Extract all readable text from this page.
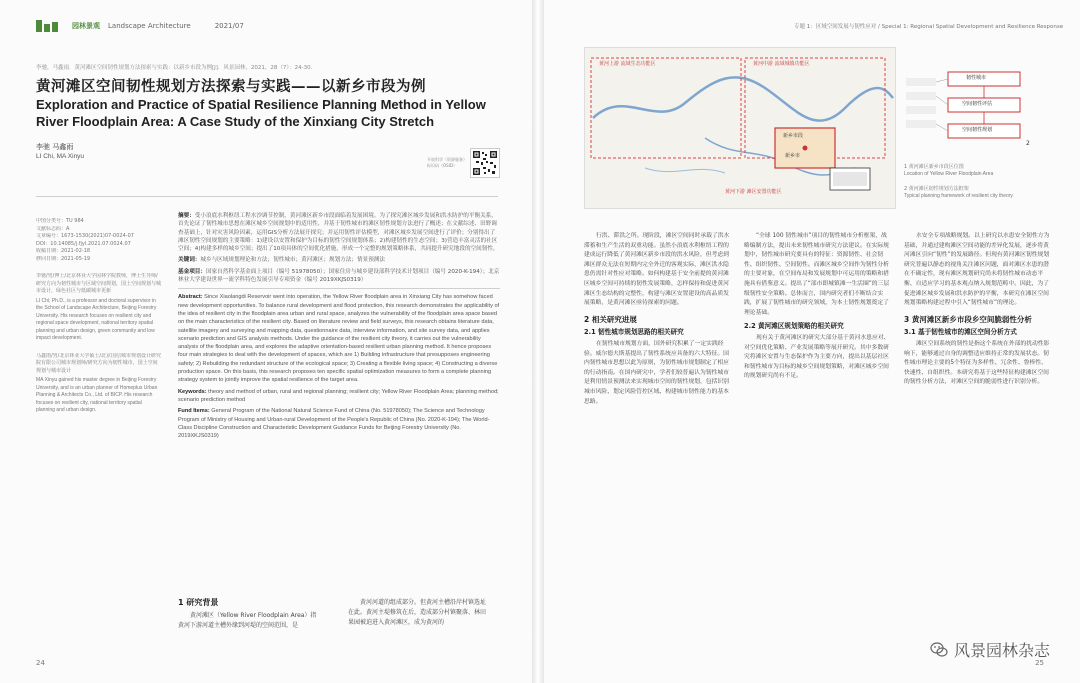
园林景观 Landscape Architecture	2021/07
李驰，马鑫雨．黄河滩区空间韧性规划方法探索与实践：以新乡市段为例[J]．风景园林，2021，28（7）：24-30．
黄河滩区空间韧性规划方法探索与实践——以新乡市段为例
Exploration and Practice of Spatial Resilience Planning Method in Yellow River Floodplain Area: A Case Study of the Xinxiang City Stretch
李驰 马鑫雨
LI Chi, MA Xinyu	开放科学（资源服务）标识码（OSID）
中图分类号：TU 984
文献标志码：A
文章编号：1673-1530(2021)07-0024-07
DOI：10.14085/j.fjyl.2021.07.0024.07
收稿日期：2021-02-18
修回日期：2021-05-19
李驰/男/博士/北京林业大学园林学院教师，博士生导师/研究方向为韧性城市与区域空间规划，国土空间规划与城市设计，绿色社区与低碳城市更新
LI Chi, Ph.D., is a professor and doctoral supervisor in the School of Landscape Architecture, Beijing Forestry University. His research focuses on resilient city and regional space development, national territory spatial planning and urban design, green community and low impact development.
马鑫雨/男/北京林业大学硕士/北京国信城市规划设计研究院有限公司城市规划师/研究方向为韧性城市，国土空间规划与城市设计
MA Xinyu gained his master degree in Beijing Forestry University, and is an urban planner of Homeplus Urban Planning & Architects Co., Ltd. of BICP. His research focuses on resilient city, national territory spatial planning and urban design.

摘要：受小浪底水利枢纽工程水沙调节控制，黄河滩区新乡市段面临着发展困境。为了探究滩区城乡发展和洪水防护的平衡关系，首先论证了韧性城市思想在滩区城乡空间规划中的适用性，并基于韧性城市的滩区韧性规划方法进行了概述；在文献综述、田野调查基础上，针对灾害风险因素，运用GIS分析方法展开探究；并运用韧性评估模型，对滩区城乡发展空间进行了评价；分别得出了滩区韧性空间规划的主要策略：1)建设以安置和保护为目标的韧性空间规划体系；2)构建韧性的生态空间；3)营造丰富灵活的社区空间；4)构建多样的城乡空间；提出了10项具体的空间优化措施，形成一个完整的规划策略体系，共同提升研究地段的空间韧性。

关键词：城乡与区域规划理论和方法；韧性城市；黄河滩区；规划方法；情景预测法

基金项目：国家自然科学基金面上项目（编号 51978050）；国家住房与城乡建设部科学技术计划项目（编号 2020-K-194）；北京林业大学建设世界一流学科特色发展引导专项资金（编号 2019XKJS0319）

Abstract: Since Xiaolangdi Reservoir went into operation, the Yellow River floodplain area in Xinxiang City has somehow faced new development opportunities. To balance rural development and flood protection, this research demonstrates the applicability of the idea of resilient city in the floodplain area urban and rural space, analyzes the vulnerability of the floodplain area space based on the main characteristics of the resilient city. Based on literature review and field surveys, this research obtains literature data, satellite imagery and surveying and mapping data, questionnaire data, interview information, and site survey data, and applies scenario prediction and GIS analysis methods. Under the guidance of the resilient city theory, it carries out the vulnerability analysis of the floodplain area, and explores the adaptive orientation-based resilient urban planning method. It hence proposes four main strategies to deal with the development of spaces, which are 1) Building infrastructure that presupposes engineering safety; 2) Rebuilding the redundant structure of the ecological space; 3) Creating a flexible living space; 4) Constructing a diverse production space. On this basis, this research proposes ten specific spatial optimization measures to form a complete planning strategy system to jointly improve the spatial resilience of the target area.

Keywords: theory and method of urban, rural and regional planning; resilient city; Yellow River Floodplain Area; planning method; scenario prediction method

Fund Items: General Program of the National Natural Science Fund of China (No. 51978050); The Science and Technology Program of Ministry of Housing and Urban-rural Development of the People's Republic of China (No. 2020-K-194); The World-Class Discipline Construction and Characteristic Development Guidance Funds for Beijing Forestry University (No. 2019XKJS0319)

1 研究背景
黄河滩区（Yellow River Floodplain Area）指黄河下游河道主槽外缘到河堤的空间范围，是
黄河河道的组成部分。但黄河主槽沿岸村镇选址在此。黄河主堤修筑在后，造成部分村镇聚落、林田果园被迫进入黄河滩区，成为黄河的
24
专题 1：区域空间发展与韧性应对 / Special 1: Regional Spatial Development and Resilience Response
黄河上游 流域生态功能区	黄河中游 流域城镇功能区
黄河下游 滩区安置功能区
新乡市段
新乡市
韧性城市
空间韧性评估
空间韧性规划
2
1 黄河滩区新乡市段区位图
Location of Yellow River Floodplain Area
2 黄河滩区韧性规划方法框架
Typical planning framework of resilient city theory

行洪、滞洪之所。现阶段，滩区空间同时承载了洪水滞蓄和生产生活的双重功能。虽然小浪底水利枢纽工程的建成运行降低了黄河滩区新乡市段的洪水风险，但考虑到滩区群众无法在短期内完全外迁的客观实际，滩区洪水隐患仍需针对性应对策略。如何构建基于安全前提的黄河滩区城乡空间可持续的韧性发展策略，怎样保持和促进黄河滩区生态结构的完整性，构建与滩区安置建设的高品质发展策略，是黄河滩区亟待探索的问题。

2 相关研究进展
2.1 韧性城市规划思路的相关研究

在韧性城市规划方面，国外研究积累了一定实践经验。威尔德夫斯基提出了韧性系统应具备的六大特征。国内韧性城市思想以此为原则，为韧性城市规划制定了相应的行动指南。在国内研究中，学者们较普遍认为韧性城市是利用情景预测法来实现城市空间的韧性规划，包括识别城市风险、划定风险管控区域、构建城市韧性能力的基本思路。

“全球 100 韧性城市”项目的韧性城市分析框架，战略编制方法，提出未来韧性城市研究方法建议。在实际规划中，韧性城市研究要具有的特征：资源韧性、社会韧性、组织韧性、空间韧性。而滩区城乡空间作为韧性分析的主要对象，在空间布局和发展规划中可运用的策略和措施具有借鉴意义。提出了“部市即城镇滩一生活圈”的三层级韧性安全策略。总体而言，国内研究者们不断结合实践，扩展了韧性城市的研究领域，为本土韧性规划奠定了理论基础。

2.2 黄河滩区规划策略的相关研究

现有关于黄河滩区的研究大部分基于黄河水患应对、对空间优化策略、产业发展策略等展开研究。其中多数研究将滩区安置与生态保护作为主要方向，提出以基层社区和韧性城市为目标的城乡空间规划策略，对滩区城乡空间的规划研究尚有不足。

水安全专项战略规划。以上研究以水患安全韧性方为基础，并通过建构滩区空间功能的差异化发展，逐步将黄河滩区引向“韧性”的发展路径。但现有黄河滩区韧性规划研究普遍以静态的视角关注滩区问题，面对滩区水患的潜在不确定性，现有滩区规划研究尚未将韧性城市动态平衡、自适应学习的基本观点纳入规划范畴中。因此，为了促进滩区城乡发展和洪水防护的平衡，本研究在滩区空间规划策略构建过程中引入“韧性城市”的理论。

3 黄河滩区新乡市段乡空间脆弱性分析
3.1 基于韧性城市的滩区空间分析方式

滩区空间系统的韧性是指这个系统在外部的扰动性影响下，能够通过自身的调整适应维持正常的发展状态。韧性城市理论主要的5个特征为多样性、冗余性、鲁棒性、快速性、自组织性。本研究将基于这些特征构建滩区空间的韧性分析方法，对滩区空间的脆弱性进行识别分析。

风景园林杂志
25
